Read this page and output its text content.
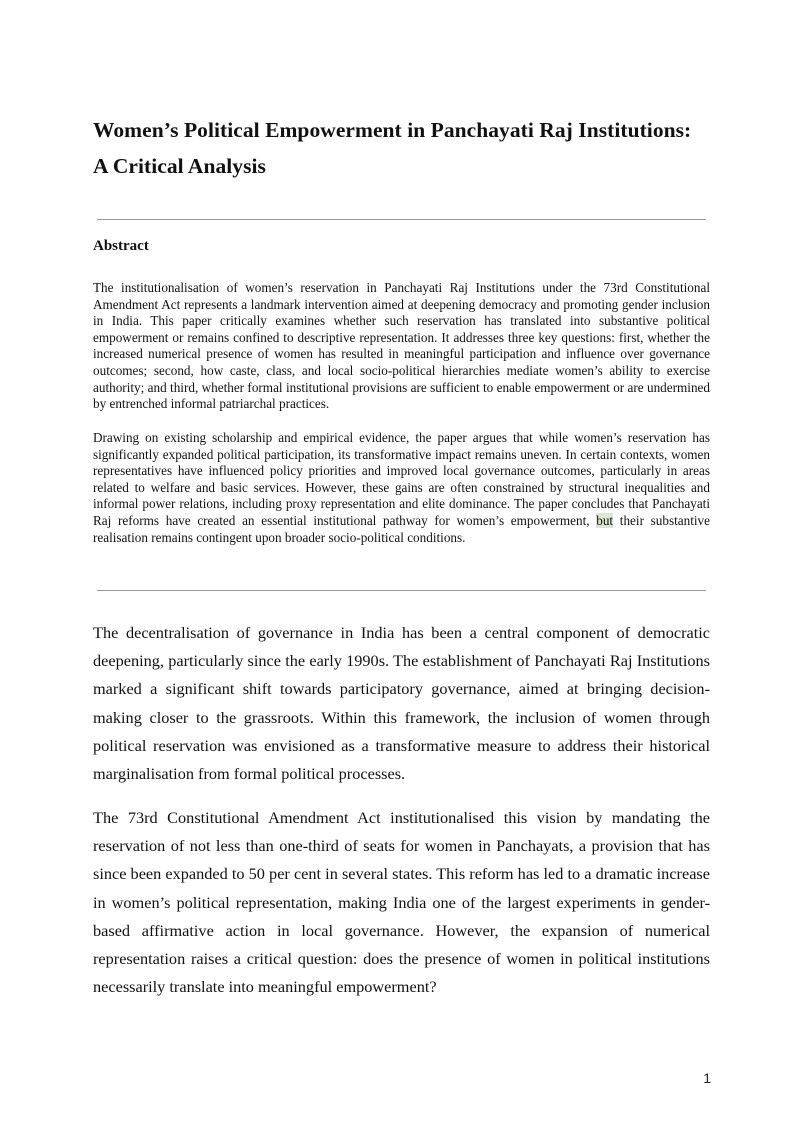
Women’s Political Empowerment in Panchayati Raj Institutions:
A Critical Analysis
Abstract

The institutionalisation of women’s reservation in Panchayati Raj Institutions under the 73rd Constitutional Amendment Act represents a landmark intervention aimed at deepening democracy and promoting gender inclusion in India. This paper critically examines whether such reservation has translated into substantive political empowerment or remains confined to descriptive representation. It addresses three key questions: first, whether the increased numerical presence of women has resulted in meaningful participation and influence over governance outcomes; second, how caste, class, and local socio-political hierarchies mediate women’s ability to exercise authority; and third, whether formal institutional provisions are sufficient to enable empowerment or are undermined by entrenched informal patriarchal practices.

Drawing on existing scholarship and empirical evidence, the paper argues that while women’s reservation has significantly expanded political participation, its transformative impact remains uneven. In certain contexts, women representatives have influenced policy priorities and improved local governance outcomes, particularly in areas related to welfare and basic services. However, these gains are often constrained by structural inequalities and informal power relations, including proxy representation and elite dominance. The paper concludes that Panchayati Raj reforms have created an essential institutional pathway for women’s empowerment, but their substantive realisation remains contingent upon broader socio-political conditions.

The decentralisation of governance in India has been a central component of democratic deepening, particularly since the early 1990s. The establishment of Panchayati Raj Institutions marked a significant shift towards participatory governance, aimed at bringing decision-making closer to the grassroots. Within this framework, the inclusion of women through political reservation was envisioned as a transformative measure to address their historical marginalisation from formal political processes.

The 73rd Constitutional Amendment Act institutionalised this vision by mandating the reservation of not less than one-third of seats for women in Panchayats, a provision that has since been expanded to 50 per cent in several states. This reform has led to a dramatic increase in women’s political representation, making India one of the largest experiments in gender-based affirmative action in local governance. However, the expansion of numerical representation raises a critical question: does the presence of women in political institutions necessarily translate into meaningful empowerment?

1
